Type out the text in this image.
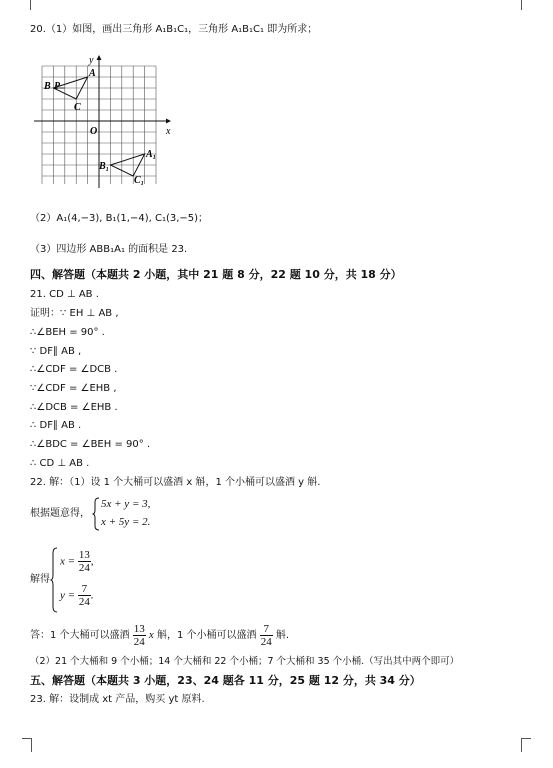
20.（1）如图，画出三角形 A₁B₁C₁，三角形 A₁B₁C₁ 即为所求；
y
x
O
B P
A
C
B₁
A₁
C₁
（2）A₁(4,−3), B₁(1,−4), C₁(3,−5)；
（3）四边形 ABB₁A₁ 的面积是 23.
四、解答题（本题共 2 小题，其中 21 题 8 分，22 题 10 分，共 18 分）
21. CD ⊥ AB .
证明：∵ EH ⊥ AB ,
∴∠BEH = 90° .
∵ DF∥ AB ,
∴∠CDF = ∠DCB .
∵∠CDF = ∠EHB ,
∴∠DCB = ∠EHB .
∴ DF∥ AB .
∴∠BDC = ∠BEH = 90° .
∴ CD ⊥ AB .
22. 解：（1）设 1 个大桶可以盛酒 x 斛，1 个小桶可以盛酒 y 斛.
根据题意得，
5x + y = 3,
x + 5y = 2.
解得
$x = \frac{13}{24}$ ,
$y = \frac{7}{24}$ .
答：1 个大桶可以盛酒 $\frac{13}{24}$ x 斛，1 个小桶可以盛酒 $\frac{7}{24}$ 斛.
（2）21 个大桶和 9 个小桶；14 个大桶和 22 个小桶；7 个大桶和 35 个小桶.（写出其中两个即可）
五、解答题（本题共 3 小题，23、24 题各 11 分，25 题 12 分，共 34 分）
23. 解：设制成 xt 产品，购买 yt 原料.
